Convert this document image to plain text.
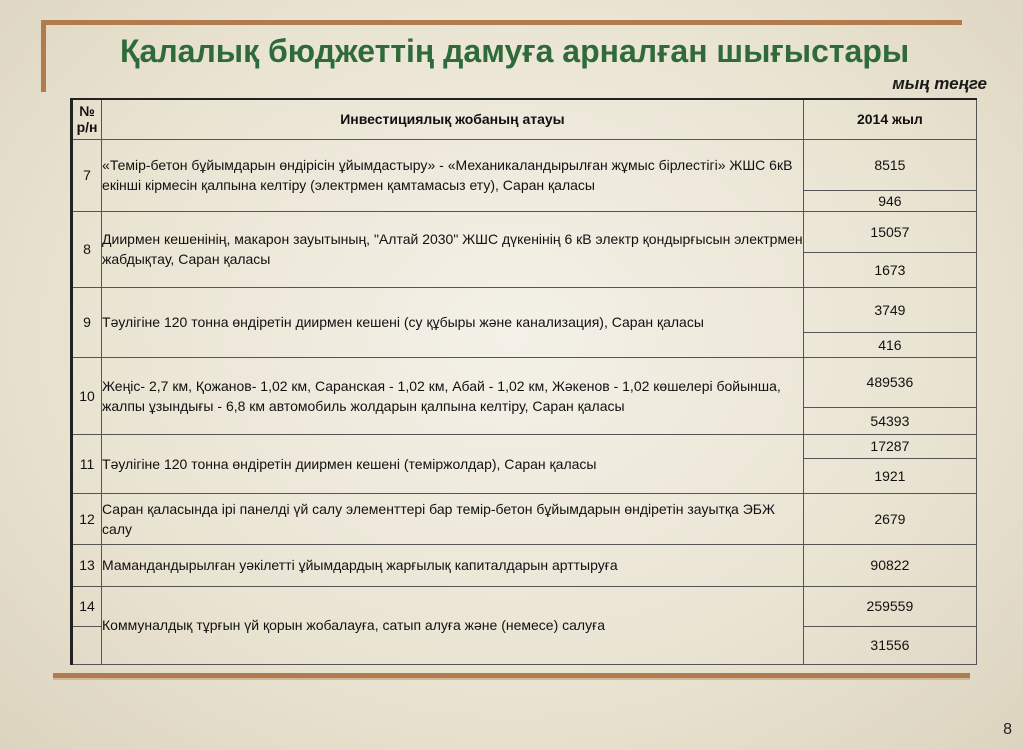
Қалалық бюджеттің дамуға арналған шығыстары
мың теңге
№ р/н	Инвестициялық жобаның атауы	2014 жыл
7	«Темір-бетон бұйымдарын өндірісін ұйымдастыру» - «Механикаландырылған жұмыс бірлестігі» ЖШС 6кВ екінші кірмесін қалпына келтіру (электрмен қамтамасыз ету), Саран қаласы	8515
		946
8	Диирмен кешенінің, макарон зауытының, "Алтай 2030" ЖШС дүкенінің 6 кВ электр қондырғысын электрмен жабдықтау, Саран қаласы	15057
		1673
9	Тәулігіне 120 тонна өндіретін диирмен кешені (су құбыры және канализация), Саран қаласы	3749
		416
10	Жеңіс- 2,7 км, Қожанов- 1,02 км, Саранская - 1,02 км, Абай - 1,02 км, Жәкенов - 1,02 көшелері бойынша, жалпы ұзындығы - 6,8 км автомобиль жолдарын қалпына келтіру, Саран қаласы	489536
		54393
11	Тәулігіне 120 тонна өндіретін диирмен кешені (теміржолдар), Саран қаласы	17287
		1921
12	Саран қаласында ірі панелді үй салу элементтері бар темір-бетон бұйымдарын өндіретін зауытқа ЭБЖ салу	2679
13	Мамандандырылған уәкілетті ұйымдардың жарғылық капиталдарын арттыруға	90822
14	Коммуналдық тұрғын үй қорын жобалауға, сатып алуға және (немесе) салуға	259559
		31556
8
